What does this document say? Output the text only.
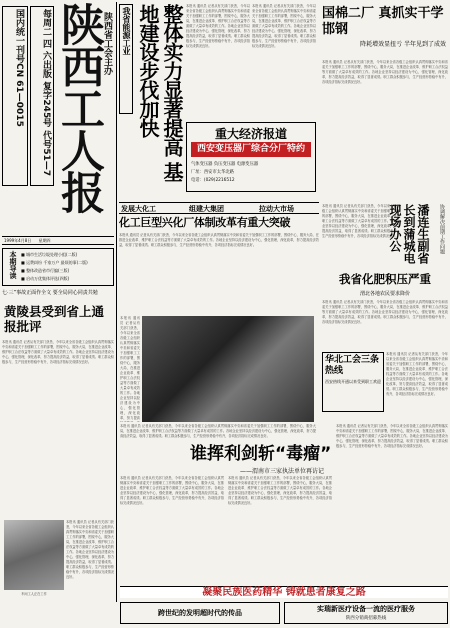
国内统一刊号CN 61—0015	每周二 四 六出版 复字245号 代号51—7 陕西工人报
陕西省工会主办
1999年4月8日 星期四
本期导读 ■ 城市生活垃圾处理小组(二版)
■ 运费纠纷 千家万户 最烦的事(二版)
■ 整体改造省市行编(三版)
■ 启动万优集体评选(四版)
七·三”事故正面作全文 要全局同心同责共勉
黄陵县受到省上通报批评
本报讯 通讯员 记者从有关部门获悉，今年以来全省各级工会组织认真贯彻落实中央和省委关于加强职工工作的部署，围绕中心，服务大局，在推进企业改革、维护职工合法权益等方面做了大量卓有成效的工作。各地企业坚持以经济建设为中心，强化管理，深化改革，努力提高经济效益，取得了显著成绩。职工群众积极参与，生产经营形势稳中有升，各项经济指标完成情况良好。
车间工人正在工作
本报讯 通讯员 记者从有关部门获悉，今年以来全省各级工会组织认真贯彻落实中央和省委关于加强职工工作的部署，围绕中心，服务大局，在推进企业改革、维护职工合法权益等方面做了大量卓有成效的工作。各地企业坚持以经济建设为中心，强化管理，深化改革，努力提高经济效益，取得了显著成绩。职工群众积极参与，生产经营形势稳中有升，各项经济指标完成情况良好。
我省能源工业	整体实力显著提高 基地建设步伐加快	本报讯 通讯员 记者从有关部门获悉，今年以来全省各级工会组织认真贯彻落实中央和省委关于加强职工工作的部署，围绕中心，服务大局，在推进企业改革、维护职工合法权益等方面做了大量卓有成效的工作。各地企业坚持以经济建设为中心，强化管理，深化改革，努力提高经济效益，取得了显著成绩。职工群众积极参与，生产经营形势稳中有升，各项经济指标完成情况良好。
本报讯 通讯员 记者从有关部门获悉，今年以来全省各级工会组织认真贯彻落实中央和省委关于加强职工工作的部署，围绕中心，服务大局，在推进企业改革、维护职工合法权益等方面做了大量卓有成效的工作。各地企业坚持以经济建设为中心，强化管理，深化改革，努力提高经济效益，取得了显著成绩。职工群众积极参与，生产经营形势稳中有升，各项经济指标完成情况良好。
重大经济报道
西安变压器厂综合分厂特约
气体变压器 负压变压器 电源变压器
厂址：西安市太华北路
电话：(029)2216512
国棉二厂 真抓实干学邯钢
降耗增效显扭亏 半年见到了成效
本报讯 通讯员 记者从有关部门获悉，今年以来全省各级工会组织认真贯彻落实中央和省委关于加强职工工作的部署，围绕中心，服务大局，在推进企业改革、维护职工合法权益等方面做了大量卓有成效的工作。各地企业坚持以经济建设为中心，强化管理，深化改革，努力提高经济效益，取得了显著成绩。职工群众积极参与，生产经营形势稳中有升，各项经济指标完成情况良好。
发展大化工	组建大集团	拉动大市场
化工巨型兴化厂体制改革有重大突破
本报讯 通讯员 记者从有关部门获悉，今年以来全省各级工会组织认真贯彻落实中央和省委关于加强职工工作的部署，围绕中心，服务大局，在推进企业改革、维护职工合法权益等方面做了大量卓有成效的工作。各地企业坚持以经济建设为中心，强化管理，深化改革，努力提高经济效益，取得了显著成绩。职工群众积极参与，生产经营形势稳中有升，各项经济指标完成情况良好。
本报讯 通讯员 记者从有关部门获悉，今年以来全省各级工会组织认真贯彻落实中央和省委关于加强职工工作的部署，围绕中心，服务大局，在推进企业改革、维护职工合法权益等方面做了大量卓有成效的工作。各地企业坚持以经济建设为中心，强化管理，深化改革，努力提高
本报讯 通讯员 记者从有关部门获悉，今年以来全省各级工会组织认真贯彻落实中央和省委关于加强职工工作的部署，围绕中心，服务大局，在推进企业改革、维护职工合法权益等方面做了大量卓有成效的工作。各地企业坚持以经济建设为中心，强化管理，深化改革，努力提高经济效益，取得了显著成绩。职工群众积极参与，生产经营形势稳中有升，各项经济指标完成情况良好。	潘连生副省长到蒲城电现场办公	协调解决前期工作问题
我省化肥积压严重
渭北各地农民要求降价
本报讯 通讯员 记者从有关部门获悉，今年以来全省各级工会组织认真贯彻落实中央和省委关于加强职工工作的部署，围绕中心，服务大局，在推进企业改革、维护职工合法权益等方面做了大量卓有成效的工作。各地企业坚持以经济建设为中心，强化管理，深化改革，努力提高经济效益，取得了显著成绩。职工群众积极参与，生产经营形势稳中有升，各项经济指标完成情况良好。
华北工会三条热线
西安热线开通以来受到职工欢迎
本报讯 通讯员 记者从有关部门获悉，今年以来全省各级工会组织认真贯彻落实中央和省委关于加强职工工作的部署，围绕中心，服务大局，在推进企业改革、维护职工合法权益等方面做了大量卓有成效的工作。各地企业坚持以经济建设为中心，强化管理，深化改革，努力提高经济效益，取得了显著成绩。职工群众积极参与，生产经营形势稳中有升，各项经济指标完成情况良好。
本报讯 通讯员 记者从有关部门获悉，今年以来全省各级工会组织认真贯彻落实中央和省委关于加强职工工作的部署，围绕中心，服务大局，在推进企业改革、维护职工合法权益等方面做了大量卓有成效的工作。各地企业坚持以经济建设为中心，强化管理，深化改革，努力提高经济效益，取得了显著成绩。职工群众积极参与，生产经营形势稳中有升，各项经济指标完成情况良好。
谁挥利剑斩“毒瘤”
——渭南市三家执法单位再访记
本报讯 通讯员 记者从有关部门获悉，今年以来全省各级工会组织认真贯彻落实中央和省委关于加强职工工作的部署，围绕中心，服务大局，在推进企业改革、维护职工合法权益等方面做了大量卓有成效的工作。各地企业坚持以经济建设为中心，强化管理，深化改革，努力提高经济效益，取得了显著成绩。职工群众积极参与，生产经营形势稳中有升，各项经济指标完成情况良好。
本报讯 通讯员 记者从有关部门获悉，今年以来全省各级工会组织认真贯彻落实中央和省委关于加强职工工作的部署，围绕中心，服务大局，在推进企业改革、维护职工合法权益等方面做了大量卓有成效的工作。各地企业坚持以经济建设为中心，强化管理，深化改革，努力提高经济效益，取得了显著成绩。职工群众积极参与，生产经营形势稳中有升，各项经济指标完成情况良好。
本报讯 通讯员 记者从有关部门获悉，今年以来全省各级工会组织认真贯彻落实中央和省委关于加强职工工作的部署，围绕中心，服务大局，在推进企业改革、维护职工合法权益等方面做了大量卓有成效的工作。各地企业坚持以经济建设为中心，强化管理，深化改革，努力提高经济效益，取得了显著成绩。职工群众积极参与，生产经营形势稳中有升，各项经济指标完成情况良好。
凝聚民族医药精华 铸就患者康复之路
跨世纪的发明超时代的传品	实瑞新医疗设备一流的医疗服务
陕西分销商招募热线
